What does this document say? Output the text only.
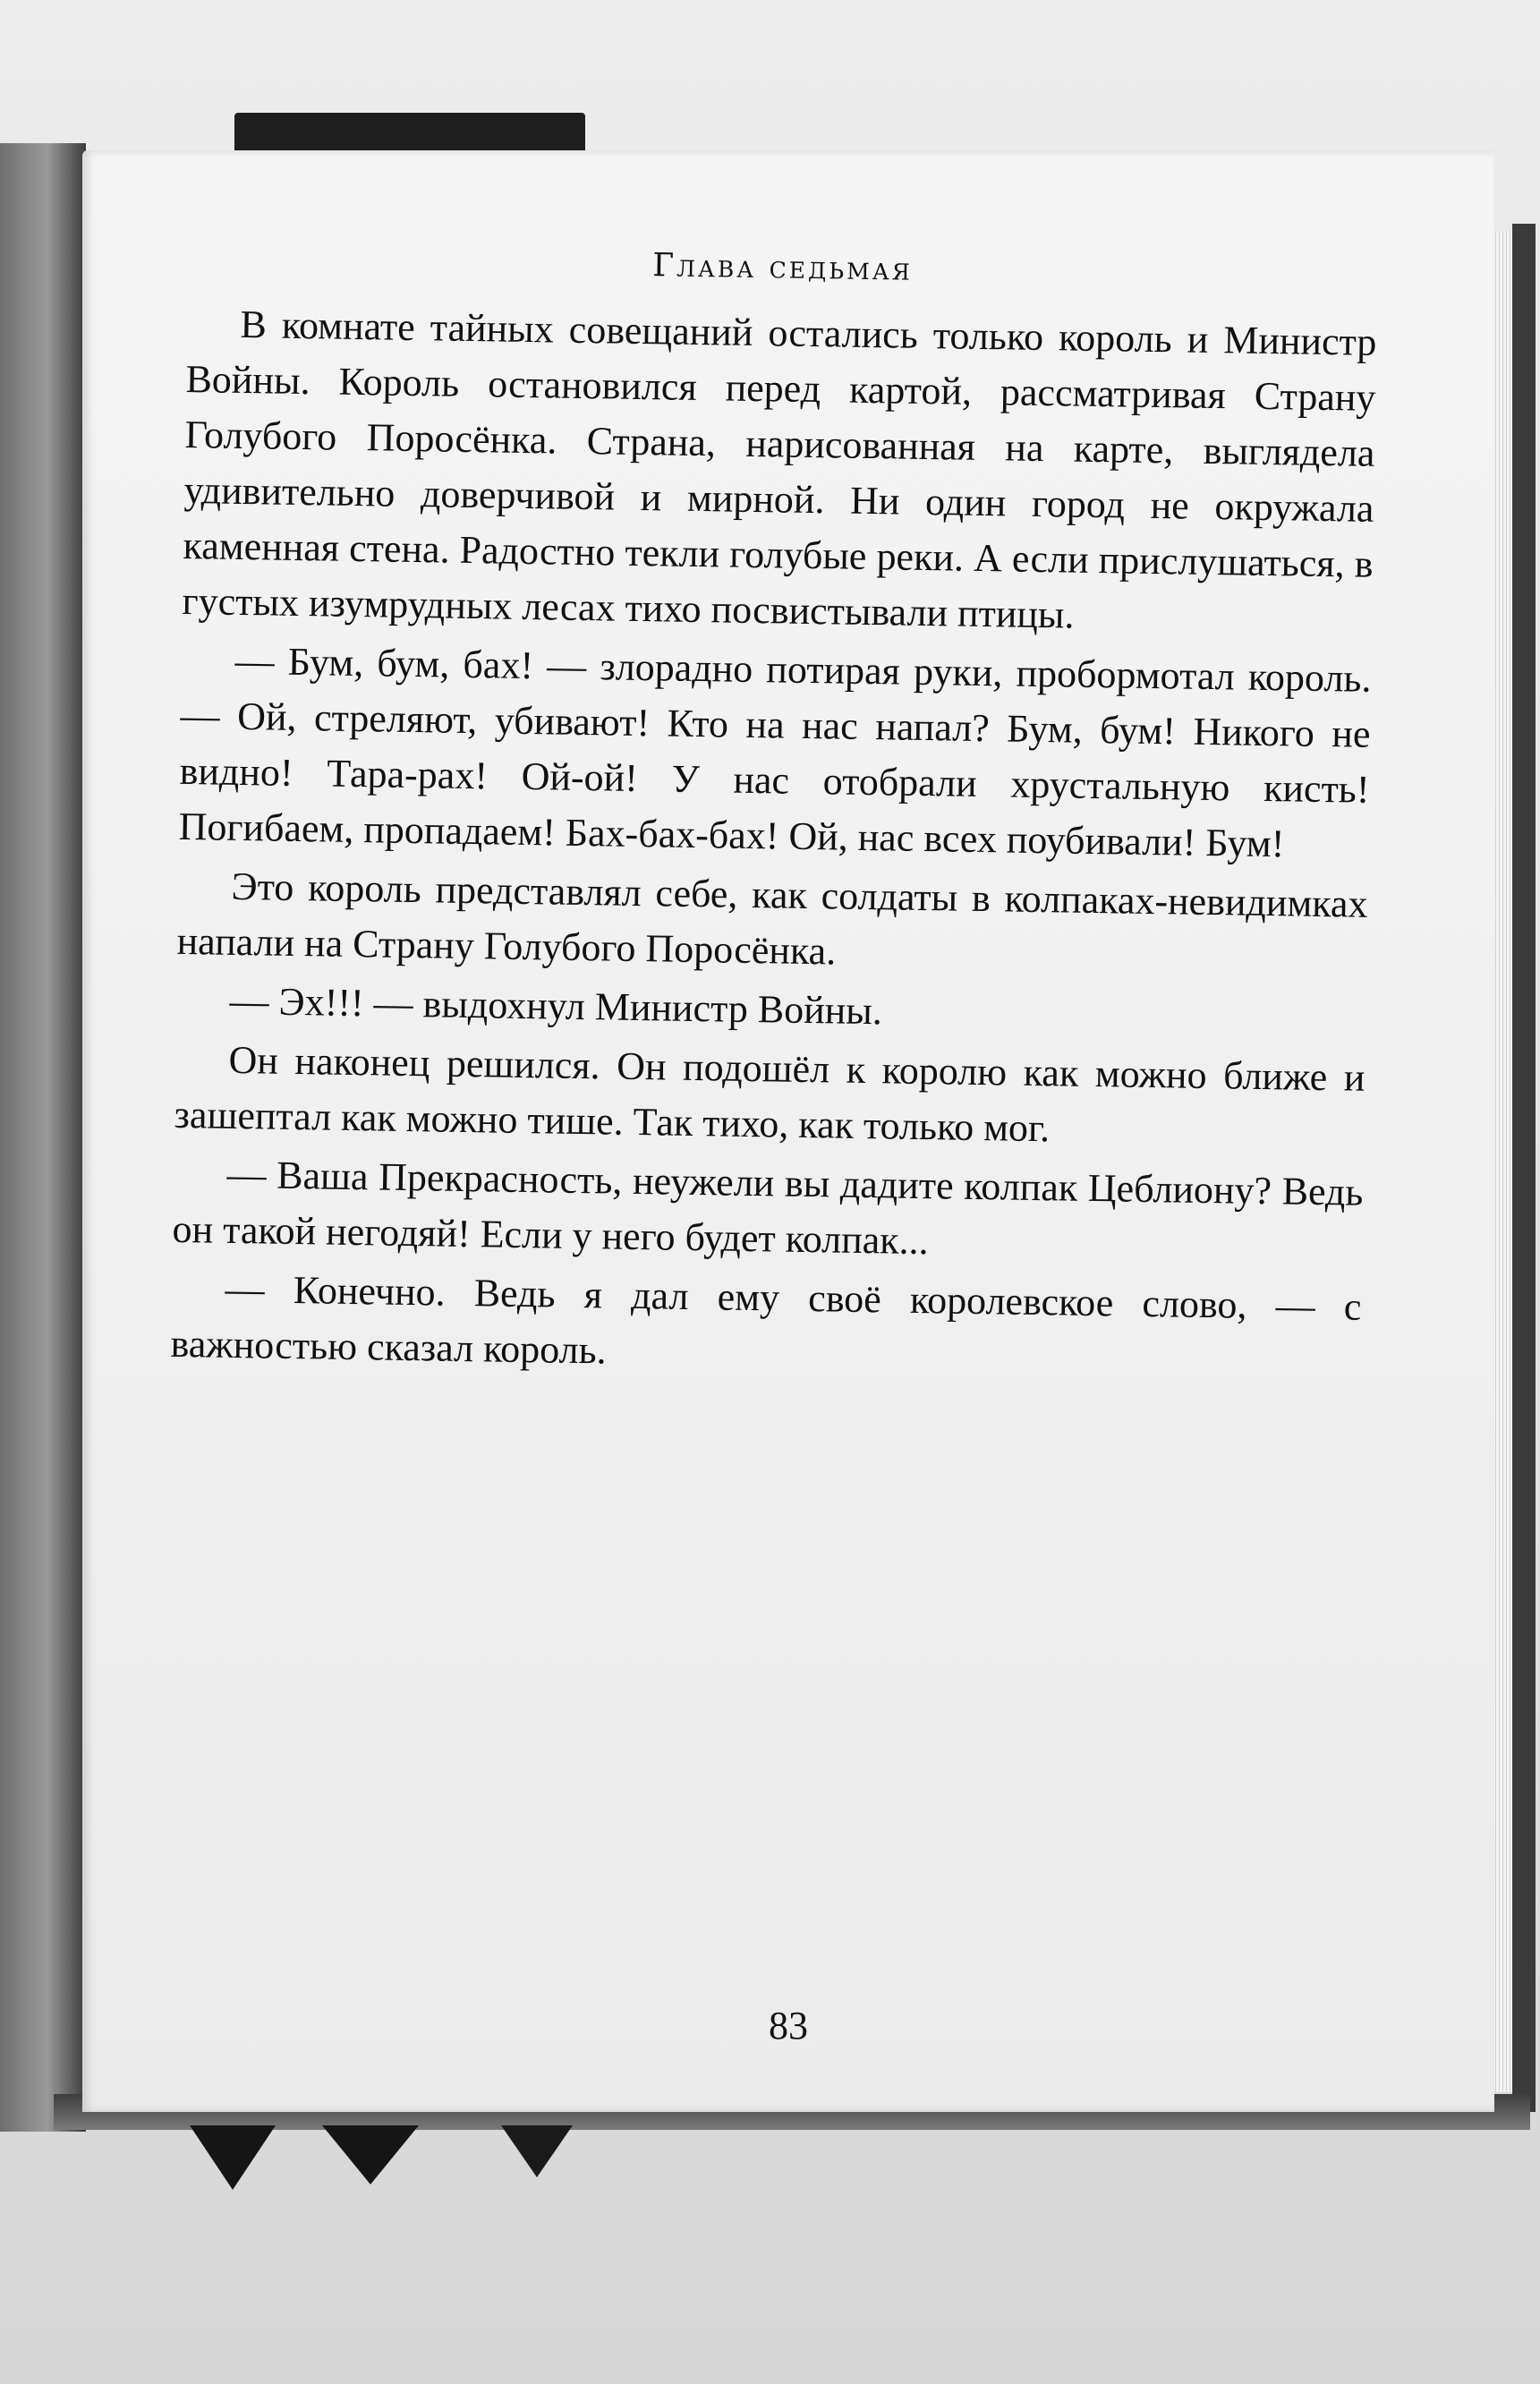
Глава седьмая

В комнате тайных совещаний остались только король и Министр Войны. Король остановился перед картой, рассматривая Страну Голубого Поросёнка. Страна, нарисованная на карте, выглядела удивительно доверчивой и мирной. Ни один город не окружала каменная стена. Радостно текли голубые реки. А если прислушаться, в густых изумрудных лесах тихо посвистывали птицы.

— Бум, бум, бах! — злорадно потирая руки, пробормотал король. — Ой, стреляют, убивают! Кто на нас напал? Бум, бум! Никого не видно! Тара-рах! Ой-ой! У нас отобрали хрустальную кисть! Погибаем, пропадаем! Бах-бах-бах! Ой, нас всех поубивали! Бум!

Это король представлял себе, как солдаты в колпаках-невидимках напали на Страну Голубого Поросёнка.

— Эх!!! — выдохнул Министр Войны.

Он наконец решился. Он подошёл к королю как можно ближе и зашептал как можно тише. Так тихо, как только мог.

— Ваша Прекрасность, неужели вы дадите колпак Цеблиону? Ведь он такой негодяй! Если у него будет колпак...

— Конечно. Ведь я дал ему своё королевское слово, — с важностью сказал король.

83
